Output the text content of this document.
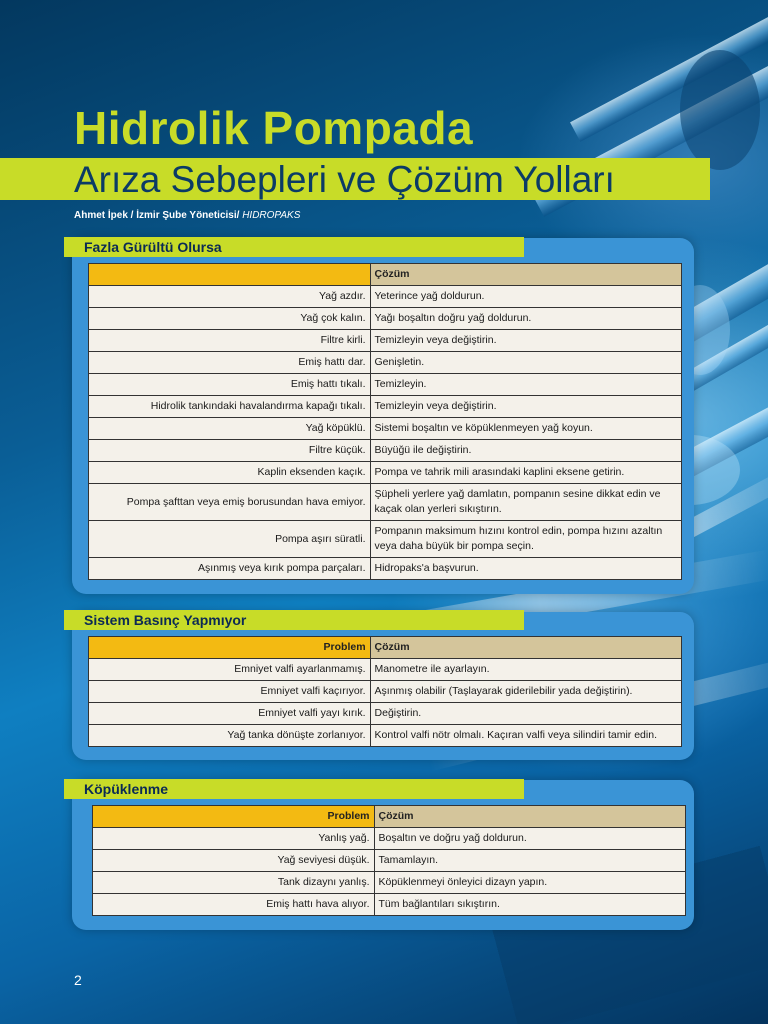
Hidrolik Pompada
Arıza Sebepleri ve Çözüm Yolları
Ahmet İpek / İzmir Şube Yöneticisi/ HIDROPAKS
Fazla Gürültü Olursa
	Çözüm
Yağ azdır.	Yeterince yağ doldurun.
Yağ çok kalın.	Yağı boşaltın doğru yağ doldurun.
Filtre kirli.	Temizleyin veya değiştirin.
Emiş hattı dar.	Genişletin.
Emiş hattı tıkalı.	Temizleyin.
Hidrolik tankındaki havalandırma kapağı tıkalı.	Temizleyin veya değiştirin.
Yağ köpüklü.	Sistemi boşaltın ve köpüklenmeyen yağ koyun.
Filtre küçük.	Büyüğü ile değiştirin.
Kaplin eksenden kaçık.	Pompa ve tahrik mili arasındaki kaplini eksene getirin.
Pompa şafttan veya emiş borusundan hava emiyor.	Şüpheli yerlere yağ damlatın, pompanın sesine dikkat edin ve kaçak olan yerleri sıkıştırın.
Pompa aşırı süratli.	Pompanın maksimum hızını kontrol edin, pompa hızını azaltın veya daha büyük bir pompa seçin.
Aşınmış veya kırık pompa parçaları.	Hidropaks'a başvurun.
Sistem Basınç Yapmıyor
Problem	Çözüm
Emniyet valfi ayarlanmamış.	Manometre ile ayarlayın.
Emniyet valfi kaçırıyor.	Aşınmış olabilir (Taşlayarak giderilebilir yada değiştirin).
Emniyet valfi yayı kırık.	Değiştirin.
Yağ tanka dönüşte zorlanıyor.	Kontrol valfi nötr olmalı. Kaçıran valfi veya silindiri tamir edin.
Köpüklenme
Problem	Çözüm
Yanlış yağ.	Boşaltın ve doğru yağ doldurun.
Yağ seviyesi düşük.	Tamamlayın.
Tank dizaynı yanlış.	Köpüklenmeyi önleyici dizayn yapın.
Emiş hattı hava alıyor.	Tüm bağlantıları sıkıştırın.
2
